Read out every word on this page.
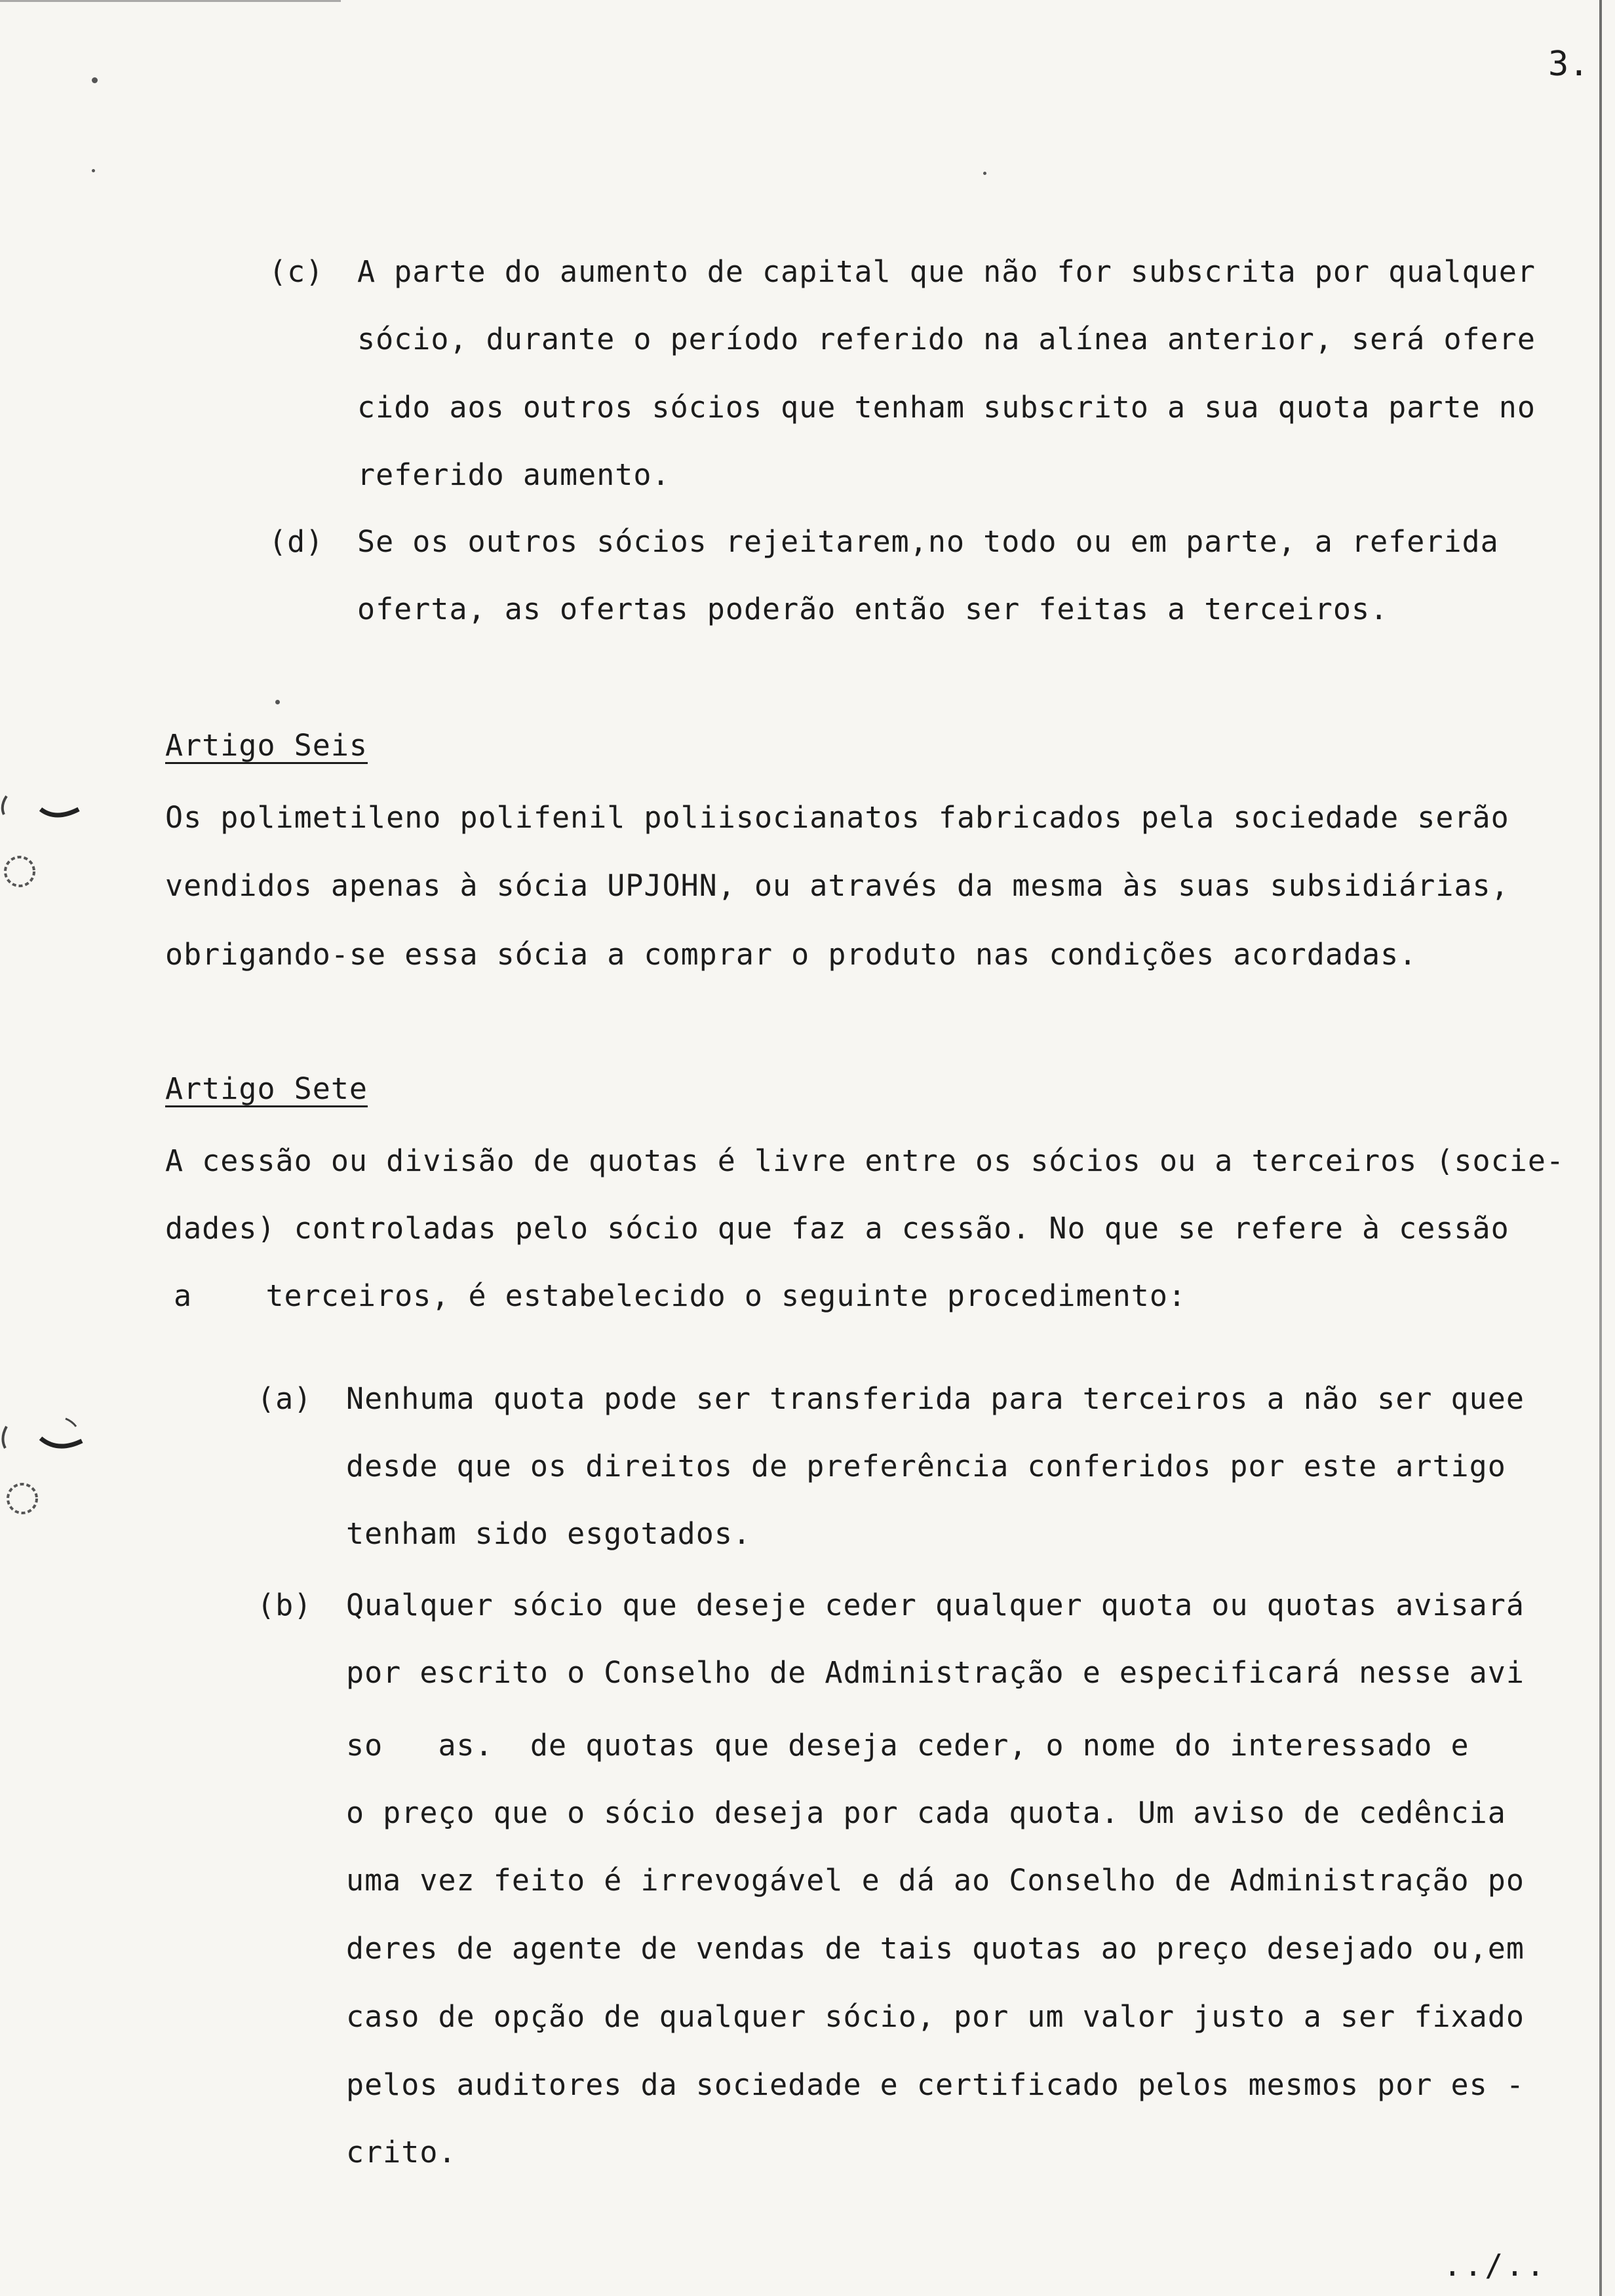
3.
(c) A parte do aumento de capital que não for subscrita por qualquer
sócio, durante o período referido na alínea anterior, será ofere
cido aos outros sócios que tenham subscrito a sua quota parte no
referido aumento.
(d) Se os outros sócios rejeitarem,no todo ou em parte, a referida
oferta, as ofertas poderão então ser feitas a terceiros.
Artigo Seis
Os polimetileno polifenil poliisocianatos fabricados pela sociedade serão
vendidos apenas à sócia UPJOHN, ou através da mesma às suas subsidiárias,
obrigando-se essa sócia a comprar o produto nas condições acordadas.
Artigo Sete
A cessão ou divisão de quotas é livre entre os sócios ou a terceiros (socie-
dades) controladas pelo sócio que faz a cessão. No que se refere à cessão
a    terceiros, é estabelecido o seguinte procedimento:
(a) Nenhuma quota pode ser transferida para terceiros a não ser quee
desde que os direitos de preferência conferidos por este artigo
tenham sido esgotados.
(b) Qualquer sócio que deseje ceder qualquer quota ou quotas avisará
por escrito o Conselho de Administração e especificará nesse avi
so   as.  de quotas que deseja ceder, o nome do interessado e
o preço que o sócio deseja por cada quota. Um aviso de cedência
uma vez feito é irrevogável e dá ao Conselho de Administração po
deres de agente de vendas de tais quotas ao preço desejado ou,em
caso de opção de qualquer sócio, por um valor justo a ser fixado
pelos auditores da sociedade e certificado pelos mesmos por es -
crito.
../..
